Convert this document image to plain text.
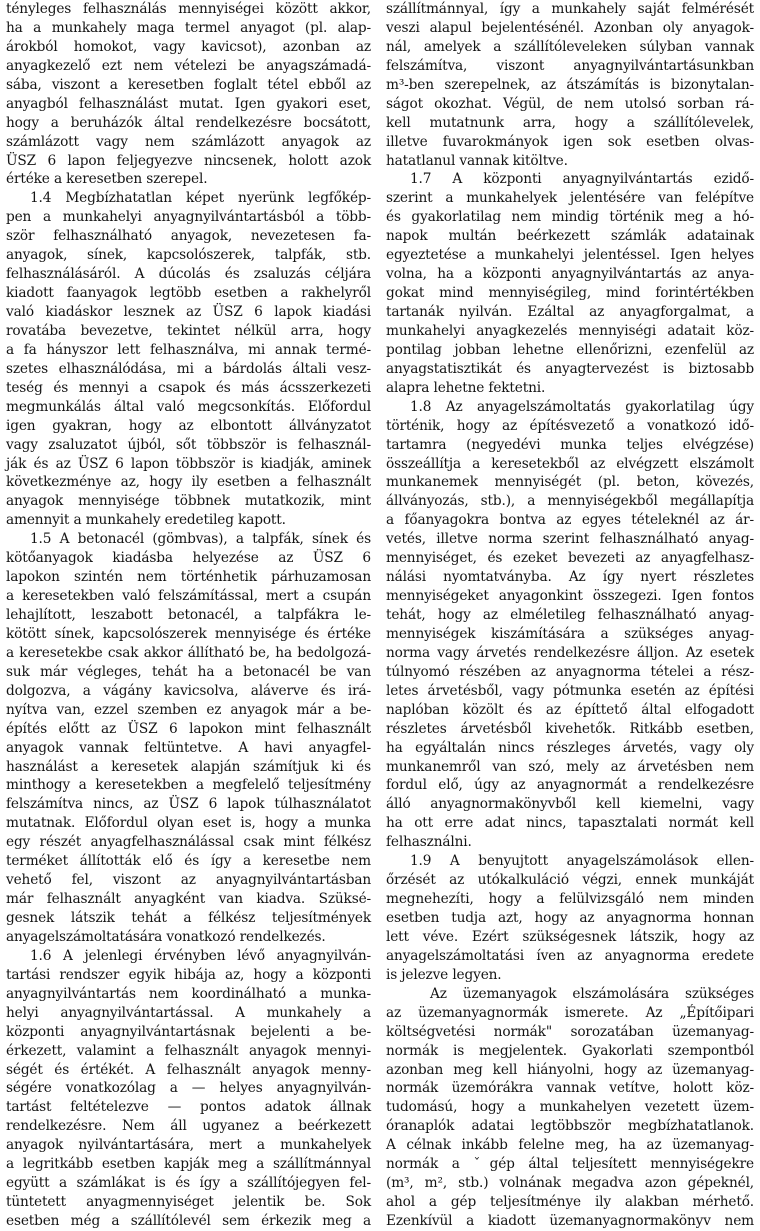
tényleges felhasználás mennyiségei között akkor,
ha a munkahely maga termel anyagot (pl. alap-
árokból homokot, vagy kavicsot), azonban az
anyagkezelő ezt nem vételezi be anyagszámadá-
sába, viszont a keresetben foglalt tétel ebből az
anyagból felhasználást mutat. Igen gyakori eset,
hogy a beruházók által rendelkezésre bocsátott,
számlázott vagy nem számlázott anyagok az
ÜSZ 6 lapon feljegyezve nincsenek, holott azok
értéke a keresetben szerepel.
1.4 Megbízhatatlan képet nyerünk legfőkép-
pen a munkahelyi anyagnyilvántartásból a több-
ször felhasználható anyagok, nevezetesen fa-
anyagok, sínek, kapcsolószerek, talpfák, stb.
felhasználásáról. A dúcolás és zsaluzás céljára
kiadott faanyagok legtöbb esetben a rakhelyről
való kiadáskor lesznek az ÜSZ 6 lapok kiadási
rovatába bevezetve, tekintet nélkül arra, hogy
a fa hányszor lett felhasználva, mi annak termé-
szetes elhasználódása, mi a bárdolás általi vesz-
teség és mennyi a csapok és más ácsszerkezeti
megmunkálás által való megcsonkítás. Előfordul
igen gyakran, hogy az elbontott állványzatot
vagy zsaluzatot újból, sőt többször is felhasznál-
ják és az ÜSZ 6 lapon többször is kiadják, aminek
következménye az, hogy ily esetben a felhasznált
anyagok mennyisége többnek mutatkozik, mint
amennyit a munkahely eredetileg kapott.
1.5 A betonacél (gömbvas), a talpfák, sínek és
kötőanyagok kiadásba helyezése az ÜSZ 6
lapokon szintén nem történhetik párhuzamosan
a keresetekben való felszámítással, mert a csupán
lehajlított, leszabott betonacél, a talpfákra le-
kötött sínek, kapcsolószerek mennyisége és értéke
a keresetekbe csak akkor állítható be, ha bedolgozá-
suk már végleges, tehát ha a betonacél be van
dolgozva, a vágány kavicsolva, aláverve és irá-
nyítva van, ezzel szemben ez anyagok már a be-
építés előtt az ÜSZ 6 lapokon mint felhasznált
anyagok vannak feltüntetve. A havi anyagfel-
használást a keresetek alapján számítjuk ki és
minthogy a keresetekben a megfelelő teljesítmény
felszámítva nincs, az ÜSZ 6 lapok túlhasználatot
mutatnak. Előfordul olyan eset is, hogy a munka
egy részét anyagfelhasználással csak mint félkész
terméket állították elő és így a keresetbe nem
vehető fel, viszont az anyagnyilvántartásban
már felhasznált anyagként van kiadva. Szüksé-
gesnek látszik tehát a félkész teljesítmények
anyagelszámoltatására vonatkozó rendelkezés.
1.6 A jelenlegi érvényben lévő anyagnyilván-
tartási rendszer egyik hibája az, hogy a központi
anyagnyilvántartás nem koordinálható a munka-
helyi anyagnyilvántartással. A munkahely a
központi anyagnyilvántartásnak bejelenti a be-
érkezett, valamint a felhasznált anyagok mennyi-
ségét és értékét. A felhasznált anyagok menny-
ségére vonatkozólag a — helyes anyagnyilván-
tartást feltételezve — pontos adatok állnak
rendelkezésre. Nem áll ugyanez a beérkezett
anyagok nyilvántartására, mert a munkahelyek
a legritkább esetben kapják meg a szállítmánnyal
együtt a számlákat is és így a szállítójegyen fel-
tüntetett anyagmennyiséget jelentik be. Sok
esetben még a szállítólevél sem érkezik meg a
szállítmánnyal, így a munkahely saját felmérését
veszi alapul bejelentésénél. Azonban oly anyagok-
nál, amelyek a szállítóleveleken súlyban vannak
felszámítva, viszont anyagnyilvántartásunkban
m³-ben szerepelnek, az átszámítás is bizonytalan-
ságot okozhat. Végül, de nem utolsó sorban rá-
kell mutatnunk arra, hogy a szállítólevelek,
illetve fuvarokmányok igen sok esetben olvas-
hatatlanul vannak kitöltve.
1.7 A központi anyagnyilvántartás ezidő-
szerint a munkahelyek jelentésére van felépítve
és gyakorlatilag nem mindig történik meg a hó-
napok multán beérkezett számlák adatainak
egyeztetése a munkahelyi jelentéssel. Igen helyes
volna, ha a központi anyagnyilvántartás az anya-
gokat mind mennyiségileg, mind forintértékben
tartanák nyilván. Ezáltal az anyagforgalmat, a
munkahelyi anyagkezelés mennyiségi adatait köz-
pontilag jobban lehetne ellenőrizni, ezenfelül az
anyagstatisztikát és anyagtervezést is biztosabb
alapra lehetne fektetni.
1.8 Az anyagelszámoltatás gyakorlatilag úgy
történik, hogy az építésvezető a vonatkozó idő-
tartamra (negyedévi munka teljes elvégzése)
összeállítja a keresetekből az elvégzett elszámolt
munkanemek mennyiségét (pl. beton, kövezés,
állványozás, stb.), a mennyiségekből megállapítja
a főanyagokra bontva az egyes tételeknél az ár-
vetés, illetve norma szerint felhasználható anyag-
mennyiséget, és ezeket bevezeti az anyagfelhasz-
nálási nyomtatványba. Az így nyert részletes
mennyiségeket anyagonkint összegezi. Igen fontos
tehát, hogy az elméletileg felhasználható anyag-
mennyiségek kiszámítására a szükséges anyag-
norma vagy árvetés rendelkezésre álljon. Az esetek
túlnyomó részében az anyagnorma tételei a rész-
letes árvetésből, vagy pótmunka esetén az építési
naplóban közölt és az építtető által elfogadott
részletes árvetésből kivehetők. Ritkább esetben,
ha egyáltalán nincs részleges árvetés, vagy oly
munkanemről van szó, mely az árvetésben nem
fordul elő, úgy az anyagnormát a rendelkezésre
álló anyagnormakönyvből kell kiemelni, vagy
ha ott erre adat nincs, tapasztalati normát kell
felhasználni.
1.9 A benyujtott anyagelszámolások ellen-
őrzését az utókalkuláció végzi, ennek munkáját
megnehezíti, hogy a felülvizsgáló nem minden
esetben tudja azt, hogy az anyagnorma honnan
lett véve. Ezért szükségesnek látszik, hogy az
anyagelszámoltatási íven az anyagnorma eredete
is jelezve legyen.
Az üzemanyagok elszámolására szükséges
az üzemanyagnormák ismerete. Az „Építőipari
költségvetési normák" sorozatában üzemanyag-
normák is megjelentek. Gyakorlati szempontból
azonban meg kell hiányolni, hogy az üzemanyag-
normák üzemórákra vannak vetítve, holott köz-
tudomású, hogy a munkahelyen vezetett üzem-
óranaplók adatai legtöbbször megbízhatatlanok.
A célnak inkább felelne meg, ha az üzemanyag-
normák a ˇgép által teljesített mennyiségekre
(m³, m², stb.) volnának megadva azon gépeknél,
ahol a gép teljesítménye ily alakban mérhető.
Ezenkívül a kiadott üzemanyagnormakönyv nem
